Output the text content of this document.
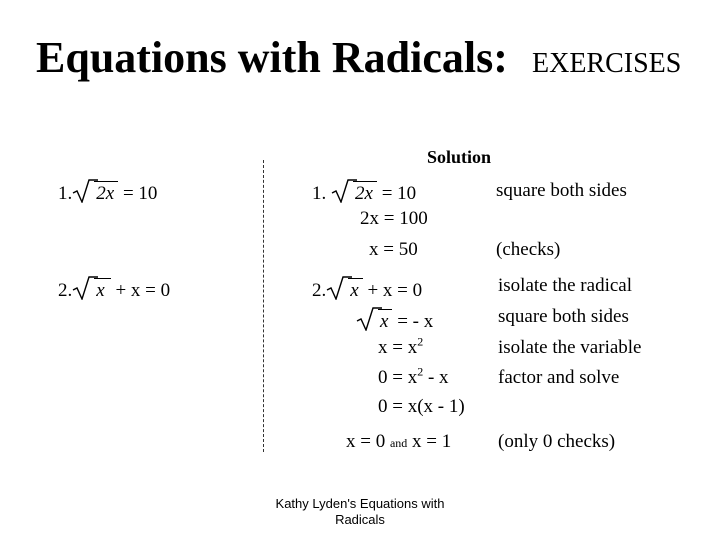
Equations with Radicals: EXERCISES
Solution
1. 2x = 10
2. x + x = 0
1. 2x = 10	square both sides
2x = 100
x = 50	(checks)
2. x + x = 0	isolate the radical
x = - x	square both sides
$x = x^2$	isolate the variable
$0 = x^2 - x$	factor and solve
0 = x(x - 1)
x = 0 and x = 1 (only 0 checks)
Kathy Lyden's Equations with Radicals
